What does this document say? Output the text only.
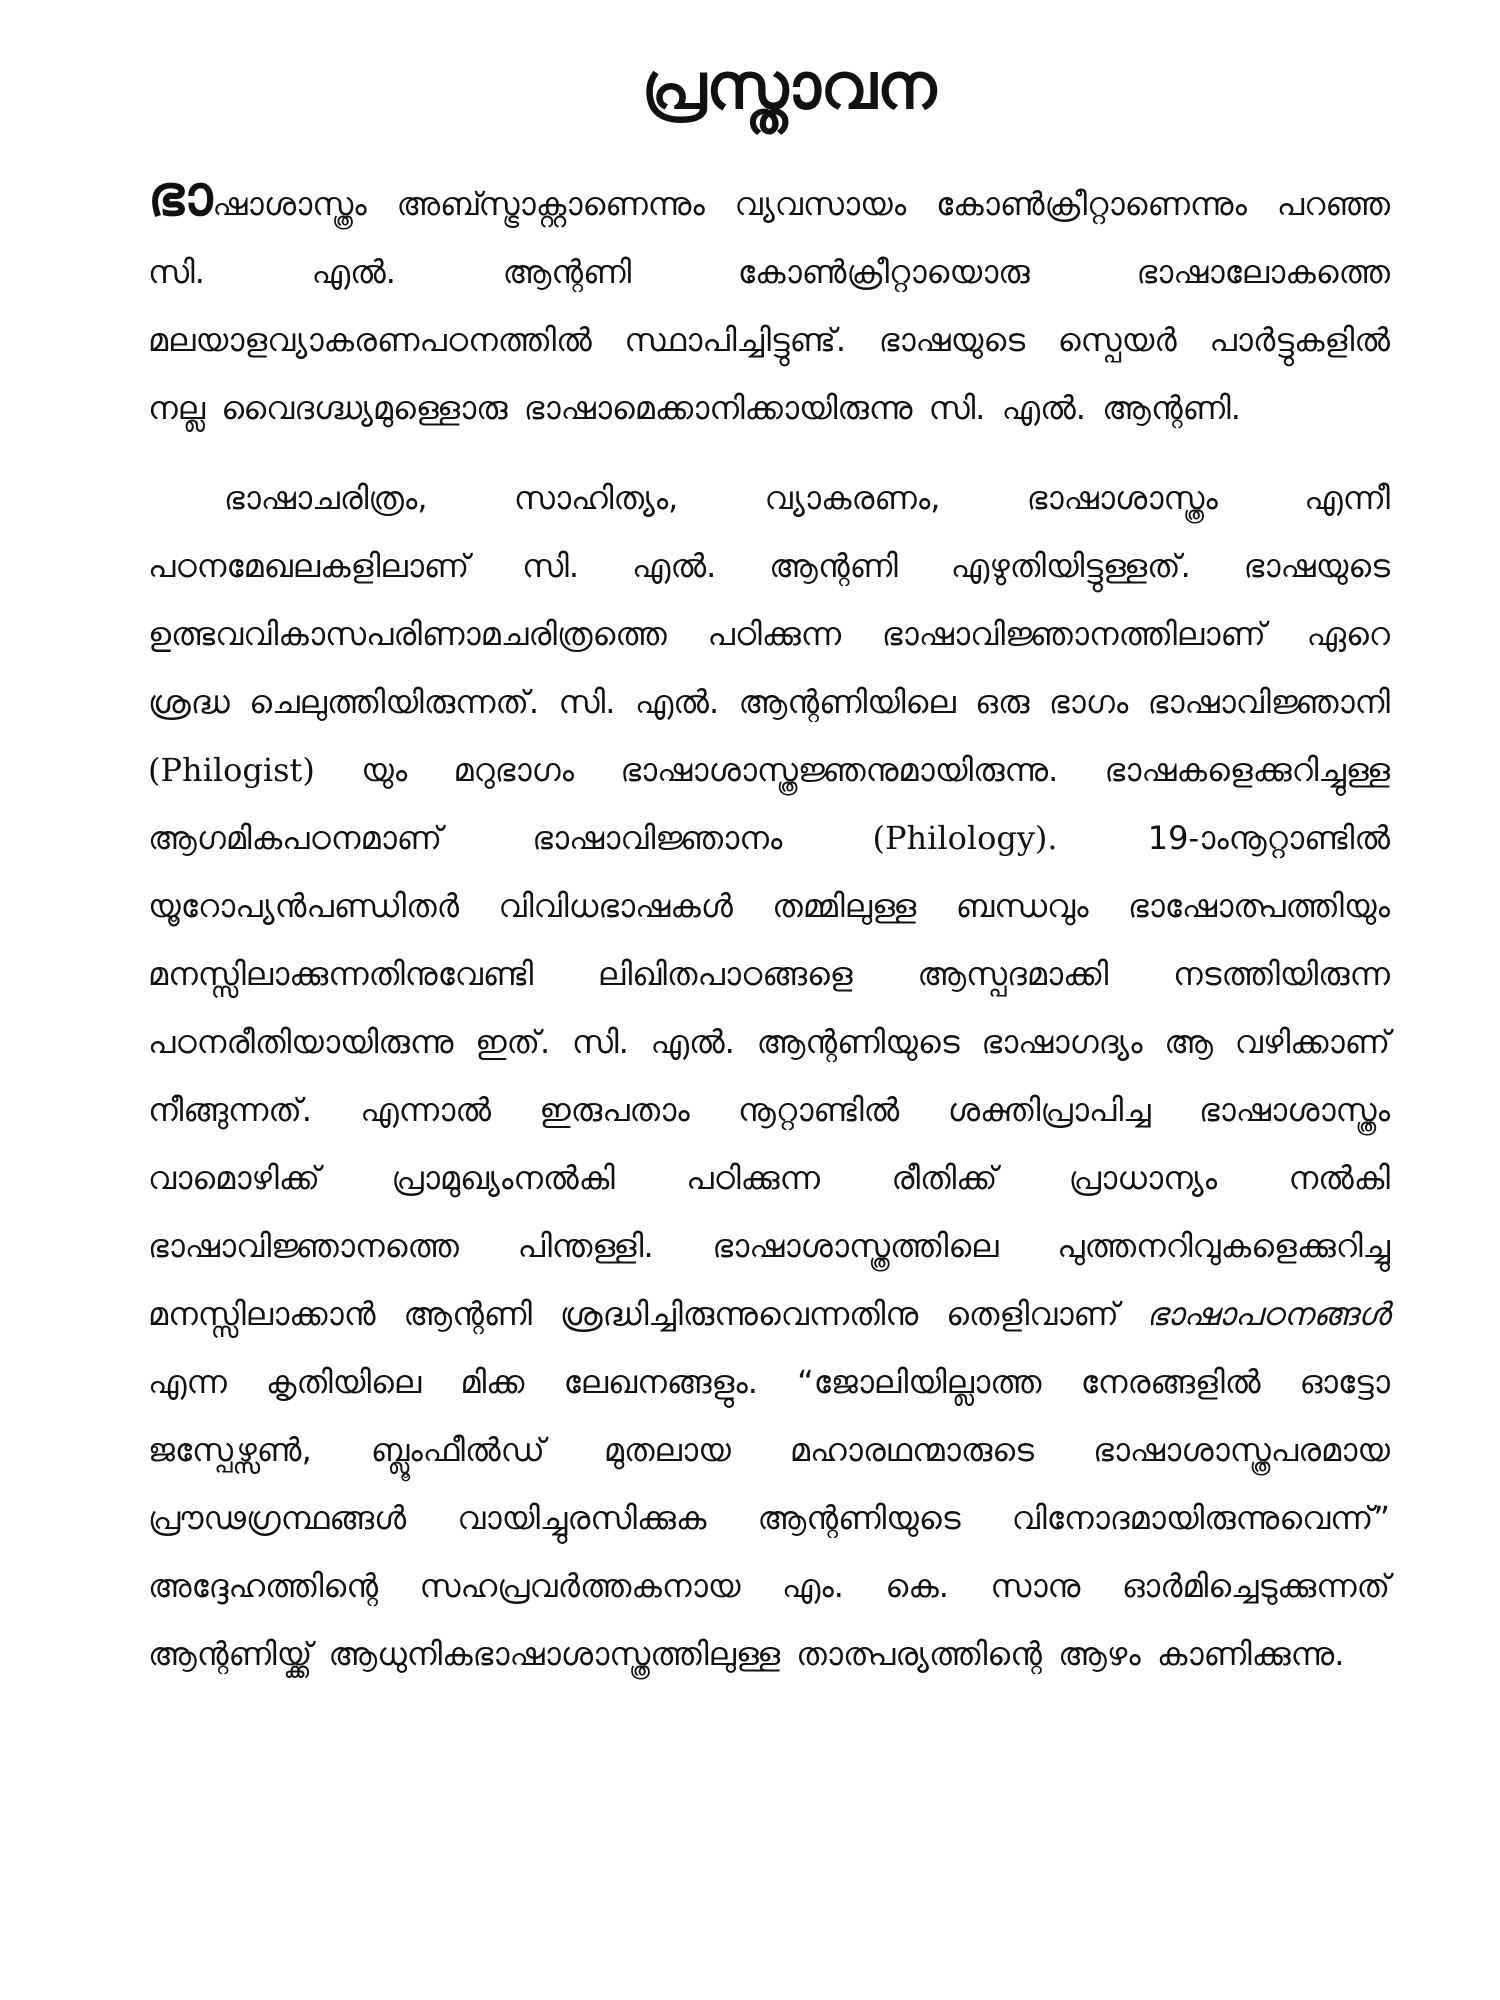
പ്രസ്താവന

ഭാഷാശാസ്ത്രം അബ്സ്ട്രാക്റ്റാണെന്നും വ്യവസായം കോൺക്രീറ്റാണെന്നും പറഞ്ഞ സി. എൽ. ആന്റണി കോൺക്രീറ്റായൊരു ഭാഷാലോകത്തെ മലയാളവ്യാകരണപഠനത്തിൽ സ്ഥാപിച്ചിട്ടുണ്ട്. ഭാഷയുടെ സ്പെയർ പാർട്ടുകളിൽ നല്ല വൈദഗ്ദ്ധ്യമുള്ളൊരു ഭാഷാമെക്കാനിക്കായിരുന്നു സി. എൽ. ആന്റണി.

ഭാഷാചരിത്രം, സാഹിത്യം, വ്യാകരണം, ഭാഷാശാസ്ത്രം എന്നീ പഠനമേഖലകളിലാണ് സി. എൽ. ആന്റണി എഴുതിയിട്ടുള്ളത്. ഭാഷയുടെ ഉത്ഭവവികാസപരിണാമചരിത്രത്തെ പഠിക്കുന്ന ഭാഷാവിജ്ഞാനത്തിലാണ് ഏറെ ശ്രദ്ധ ചെലുത്തിയിരുന്നത്. സി. എൽ. ആന്റണിയിലെ ഒരു ഭാഗം ഭാഷാവിജ്ഞാനി (Philogist) യും മറുഭാഗം ഭാഷാശാസ്ത്രജ്ഞനുമായിരുന്നു. ഭാഷകളെക്കുറിച്ചുള്ള ആഗമികപഠനമാണ് ഭാഷാവിജ്ഞാനം	(Philology).	19-ാംനൂറ്റാണ്ടിൽ യൂറോപ്യൻപണ്ഡിതർ വിവിധഭാഷകൾ തമ്മിലുള്ള ബന്ധവും ഭാഷോത്പത്തിയും മനസ്സിലാക്കുന്നതിനുവേണ്ടി ലിഖിതപാഠങ്ങളെ ആസ്പദമാക്കി നടത്തിയിരുന്ന പഠനരീതിയായിരുന്നു ഇത്. സി. എൽ. ആന്റണിയുടെ ഭാഷാഗദ്യം ആ വഴിക്കാണ് നീങ്ങുന്നത്. എന്നാൽ ഇരുപതാം നൂറ്റാണ്ടിൽ ശക്തിപ്രാപിച്ച ഭാഷാശാസ്ത്രം വാമൊഴിക്ക് പ്രാമുഖ്യംനൽകി പഠിക്കുന്ന രീതിക്ക് പ്രാധാന്യം നൽകി ഭാഷാവിജ്ഞാനത്തെ പിന്തള്ളി. ഭാഷാശാസ്ത്രത്തിലെ പുത്തനറിവുകളെക്കുറിച്ചു മനസ്സിലാക്കാൻ ആന്റണി ശ്രദ്ധിച്ചിരുന്നുവെന്നതിനു തെളിവാണ് ഭാഷാപഠനങ്ങൾ എന്ന കൃതിയിലെ മിക്ക ലേഖനങ്ങളും. “ജോലിയില്ലാത്ത നേരങ്ങളിൽ ഓട്ടോ ജസ്പേഴ്സൺ, ബ്ലൂംഫീൽഡ് മുതലായ മഹാരഥന്മാരുടെ ഭാഷാശാസ്ത്രപരമായ പ്രൗഢഗ്രന്ഥങ്ങൾ വായിച്ചുരസിക്കുക ആന്റണിയുടെ വിനോദമായിരുന്നുവെന്ന്” അദ്ദേഹത്തിന്റെ സഹപ്രവർത്തകനായ എം. കെ. സാനു ഓർമിച്ചെടുക്കുന്നത് ആന്റണിയ്ക്ക് ആധുനികഭാഷാശാസ്ത്രത്തിലുള്ള താത്പര്യത്തിന്റെ ആഴം കാണിക്കുന്നു.
